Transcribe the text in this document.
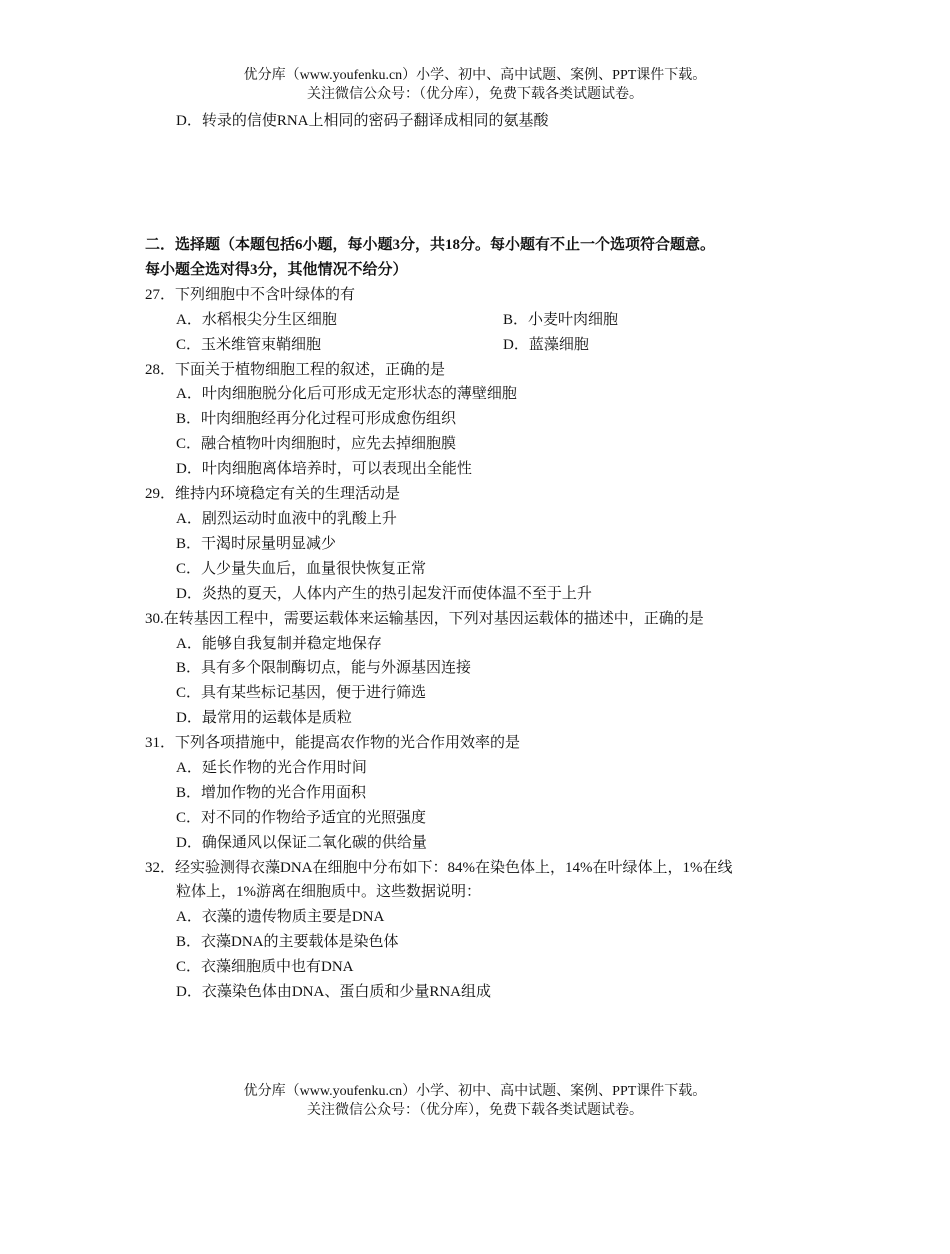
优分库（www.youfenku.cn）小学、初中、高中试题、案例、PPT课件下载。
关注微信公众号：（优分库），免费下载各类试题试卷。
D．转录的信使RNA上相同的密码子翻译成相同的氨基酸
二．选择题（本题包括6小题，每小题3分，共18分。每小题有不止一个选项符合题意。
每小题全选对得3分，其他情况不给分）
27．下列细胞中不含叶绿体的有
A．水稻根尖分生区细胞	B．小麦叶肉细胞
C．玉米维管束鞘细胞	D．蓝藻细胞
28．下面关于植物细胞工程的叙述，正确的是
A．叶肉细胞脱分化后可形成无定形状态的薄壁细胞
B．叶肉细胞经再分化过程可形成愈伤组织
C．融合植物叶肉细胞时，应先去掉细胞膜
D．叶肉细胞离体培养时，可以表现出全能性
29．维持内环境稳定有关的生理活动是
A．剧烈运动时血液中的乳酸上升
B．干渴时尿量明显减少
C．人少量失血后，血量很快恢复正常
D．炎热的夏天，人体内产生的热引起发汗而使体温不至于上升
30.在转基因工程中，需要运载体来运输基因，下列对基因运载体的描述中，正确的是
A．能够自我复制并稳定地保存
B．具有多个限制酶切点，能与外源基因连接
C．具有某些标记基因，便于进行筛选
D．最常用的运载体是质粒
31．下列各项措施中，能提高农作物的光合作用效率的是
A．延长作物的光合作用时间
B．增加作物的光合作用面积
C．对不同的作物给予适宜的光照强度
D．确保通风以保证二氧化碳的供给量
32．经实验测得衣藻DNA在细胞中分布如下：84%在染色体上，14%在叶绿体上，1%在线
粒体上，1%游离在细胞质中。这些数据说明：
A．衣藻的遗传物质主要是DNA
B．衣藻DNA的主要载体是染色体
C．衣藻细胞质中也有DNA
D．衣藻染色体由DNA、蛋白质和少量RNA组成
优分库（www.youfenku.cn）小学、初中、高中试题、案例、PPT课件下载。
关注微信公众号：（优分库），免费下载各类试题试卷。
